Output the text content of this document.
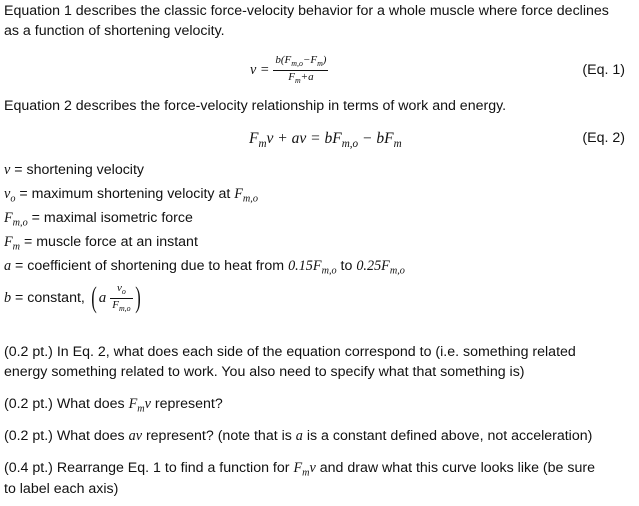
Equation 1 describes the classic force-velocity behavior for a whole muscle where force declines
as a function of shortening velocity.
$v = \frac{b(F_{m,o}-F_m)}{F_m+a}$	(Eq. 1)
Equation 2 describes the force-velocity relationship in terms of work and energy.
$F_mv$ + av = $bF_{m,o} - bF_m$	(Eq. 2)
v = shortening velocity
$v_o$ = maximum shortening velocity at $F_{m,o}$
$F_{m,o}$ = maximal isometric force
$F_m$ = muscle force at an instant
a = coefficient of shortening due to heat from $0.15F_{m,o}$ to $0.25F_{m,o}$
b = constant, ( a $\frac{v_o}{F_{m,o}}$ )
(0.2 pt.) In Eq. 2, what does each side of the equation correspond to (i.e. something related
energy something related to work. You also need to specify what that something is)
(0.2 pt.) What does $F_mv$ represent?
(0.2 pt.) What does av represent? (note that is a is a constant defined above, not acceleration)
(0.4 pt.) Rearrange Eq. 1 to find a function for $F_mv$ and draw what this curve looks like (be sure
to label each axis)
